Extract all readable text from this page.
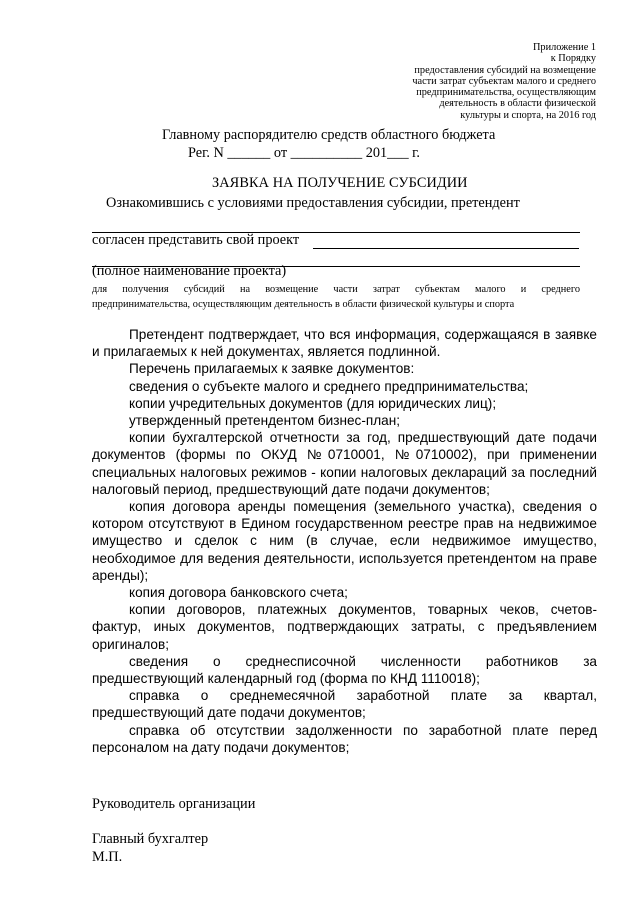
Приложение 1
к Порядку
предоставления субсидий на возмещение
части затрат субъектам малого и среднего
предпринимательства, осуществляющим
деятельность в области физической
культуры и спорта, на 2016 год
Главному распорядителю средств областного бюджета
Рег. N ______ от __________ 201___ г.
ЗАЯВКА НА ПОЛУЧЕНИЕ СУБСИДИИ
Ознакомившись с условиями предоставления субсидии, претендент
согласен представить свой проект
(полное наименование проекта)
для получения субсидий на возмещение части затрат субъектам малого и среднего
предпринимательства, осуществляющим деятельность в области физической культуры и спорта

Претендент подтверждает, что вся информация, содержащаяся в заявке и прилагаемых к ней документах, является подлинной.

Перечень прилагаемых к заявке документов:

сведения о субъекте малого и среднего предпринимательства;

копии учредительных документов (для юридических лиц);

утвержденный претендентом бизнес-план;

копии бухгалтерской отчетности за год, предшествующий дате подачи документов (формы по ОКУД №0710001, №0710002), при применении специальных налоговых режимов - копии налоговых деклараций за последний налоговый период, предшествующий дате подачи документов;

копия договора аренды помещения (земельного участка), сведения о котором отсутствуют в Едином государственном реестре прав на недвижимое имущество и сделок с ним (в случае, если недвижимое имущество, необходимое для ведения деятельности, используется претендентом на праве аренды);

копия договора банковского счета;

копии договоров, платежных документов, товарных чеков, счетов-фактур, иных документов, подтверждающих затраты, с предъявлением оригиналов;

сведения о среднесписочной численности работников за предшествующий календарный год (форма по КНД 1110018);

справка о среднемесячной заработной плате за квартал, предшествующий дате подачи документов;

справка об отсутствии задолженности по заработной плате перед персоналом на дату подачи документов;

Руководитель организации
Главный бухгалтер
М.П.
